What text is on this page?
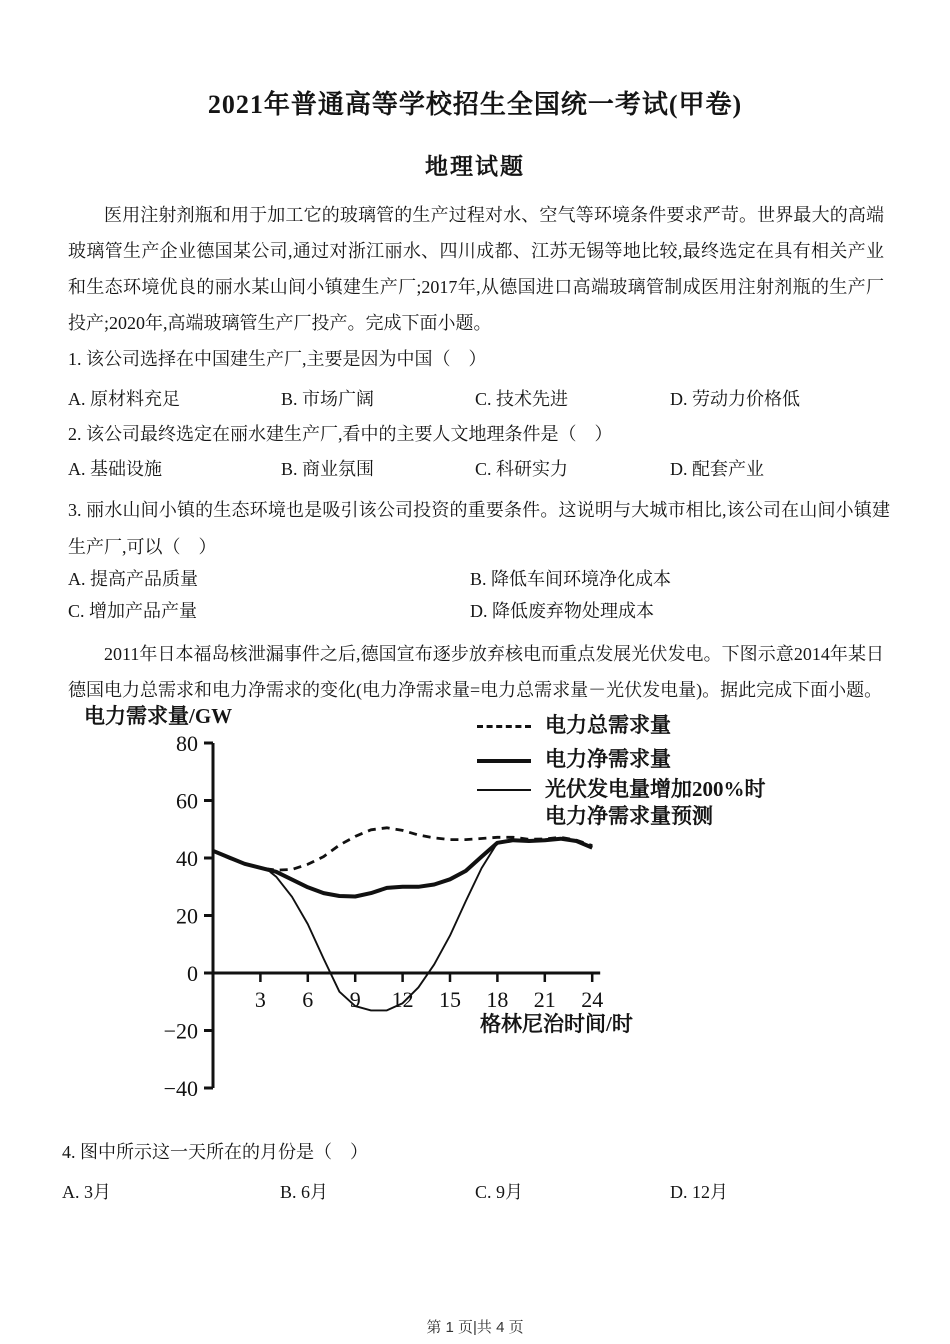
2021年普通高等学校招生全国统一考试(甲卷)
地理试题
医用注射剂瓶和用于加工它的玻璃管的生产过程对水、空气等环境条件要求严苛。世界最大的高端玻璃管生产企业德国某公司,通过对浙江丽水、四川成都、江苏无锡等地比较,最终选定在具有相关产业和生态环境优良的丽水某山间小镇建生产厂;2017年,从德国进口高端玻璃管制成医用注射剂瓶的生产厂投产;2020年,高端玻璃管生产厂投产。完成下面小题。
1. 该公司选择在中国建生产厂,主要是因为中国（　）
A. 原材料充足	B. 市场广阔	C. 技术先进	D. 劳动力价格低
2. 该公司最终选定在丽水建生产厂,看中的主要人文地理条件是（　）
A. 基础设施	B. 商业氛围	C. 科研实力	D. 配套产业
3. 丽水山间小镇的生态环境也是吸引该公司投资的重要条件。这说明与大城市相比,该公司在山间小镇建生产厂,可以（　）
A. 提高产品质量	B. 降低车间环境净化成本
C. 增加产品产量	D. 降低废弃物处理成本
2011年日本福岛核泄漏事件之后,德国宣布逐步放弃核电而重点发展光伏发电。下图示意2014年某日德国电力总需求和电力净需求的变化(电力净需求量=电力总需求量－光伏发电量)。据此完成下面小题。
电力需求量/GW	电力总需求量
电力净需求量
光伏发电量增加200%时
电力净需求量预测
80
60
40
20
0
−20
−40
3 6 9 12 15 18 21 24
格林尼治时间/时
4. 图中所示这一天所在的月份是（　）
A. 3月	B. 6月	C. 9月	D. 12月
第 1 页|共 4 页
